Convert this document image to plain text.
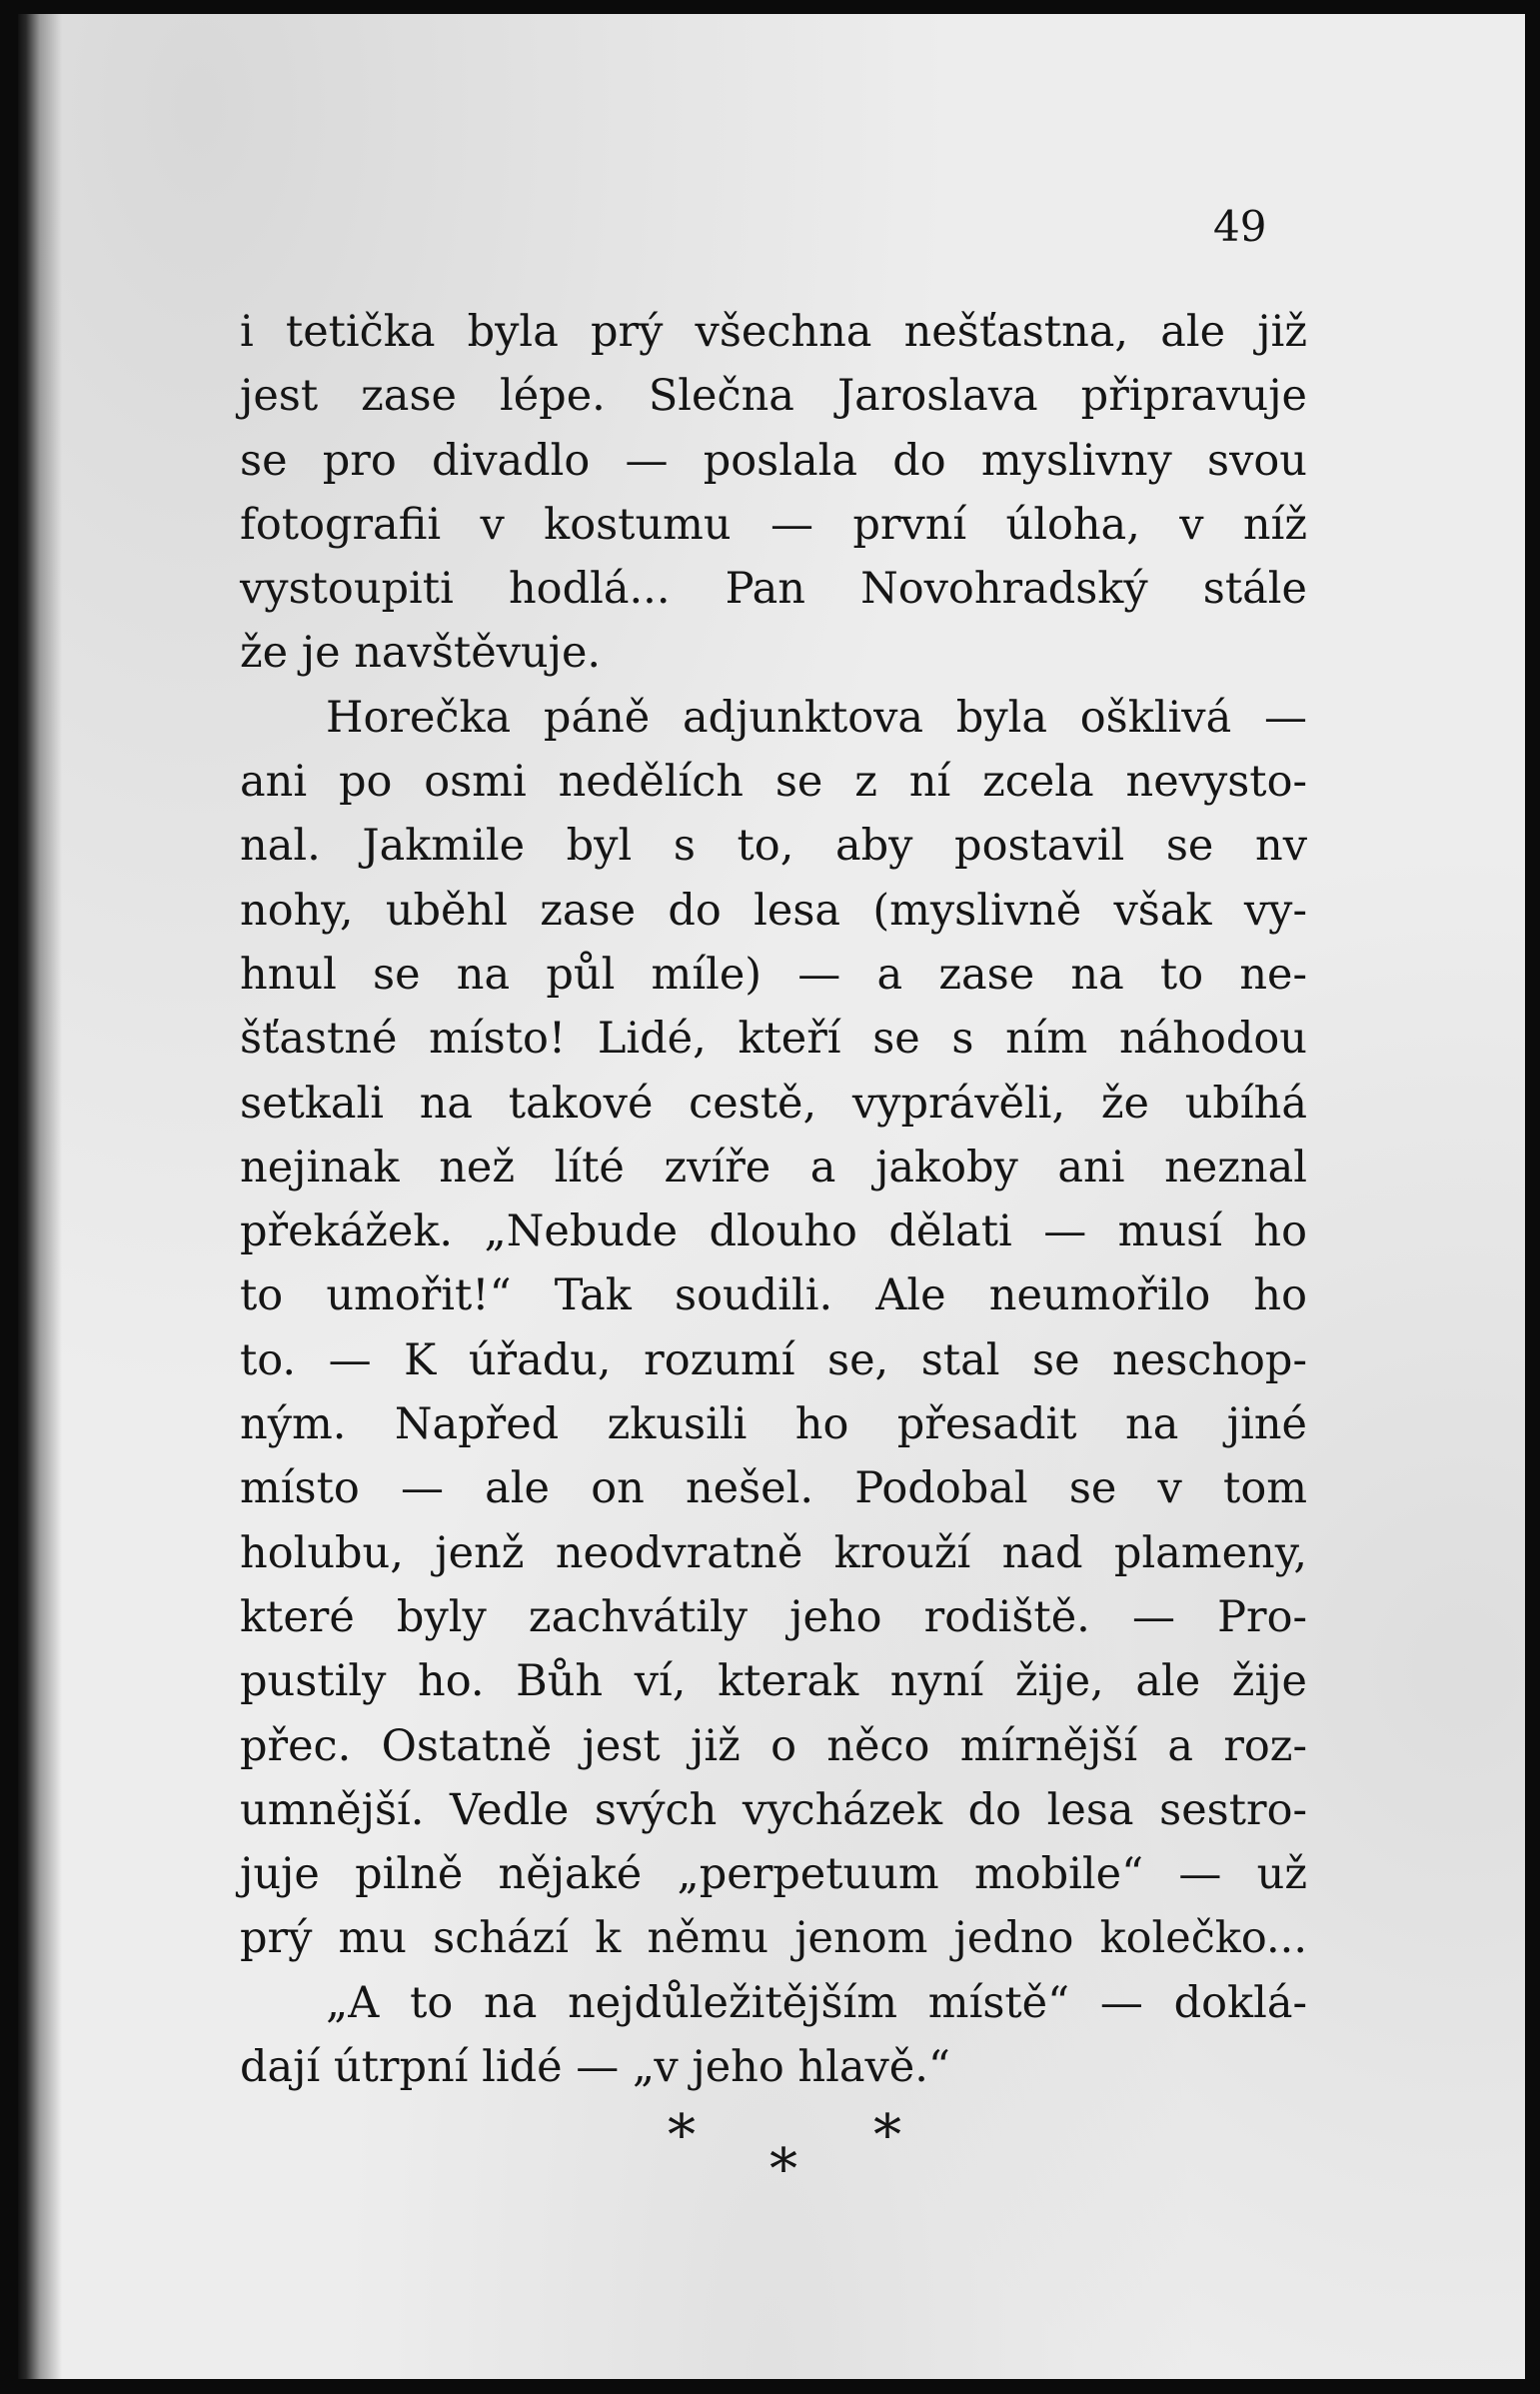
49
i tetička byla prý všechna nešťastna, ale již
jest zase lépe. Slečna Jaroslava připravuje
se pro divadlo — poslala do myslivny svou
fotografii v kostumu — první úloha, v níž
vystoupiti hodlá... Pan Novohradský stále
že je navštěvuje.
Horečka páně adjunktova byla ošklivá —
ani po osmi nedělích se z ní zcela nevysto-
nal. Jakmile byl s to, aby postavil se nv
nohy, uběhl zase do lesa (myslivně však vy-
hnul se na půl míle) — a zase na to ne-
šťastné místo! Lidé, kteří se s ním náhodou
setkali na takové cestě, vyprávěli, že ubíhá
nejinak než líté zvíře a jakoby ani neznal
překážek. „Nebude dlouho dělati — musí ho
to umořit!“ Tak soudili. Ale neumořilo ho
to. — K úřadu, rozumí se, stal se neschop-
ným. Napřed zkusili ho přesadit na jiné
místo — ale on nešel. Podobal se v tom
holubu, jenž neodvratně krouží nad plameny,
které byly zachvátily jeho rodiště. — Pro-
pustily ho. Bůh ví, kterak nyní žije, ale žije
přec. Ostatně jest již o něco mírnější a roz-
umnější. Vedle svých vycházek do lesa sestro-
juje pilně nějaké „perpetuum mobile“ — už
prý mu schází k němu jenom jedno kolečko...
„A to na nejdůležitějším místě“ — doklá-
dají útrpní lidé — „v jeho hlavě.“
*
*
*
